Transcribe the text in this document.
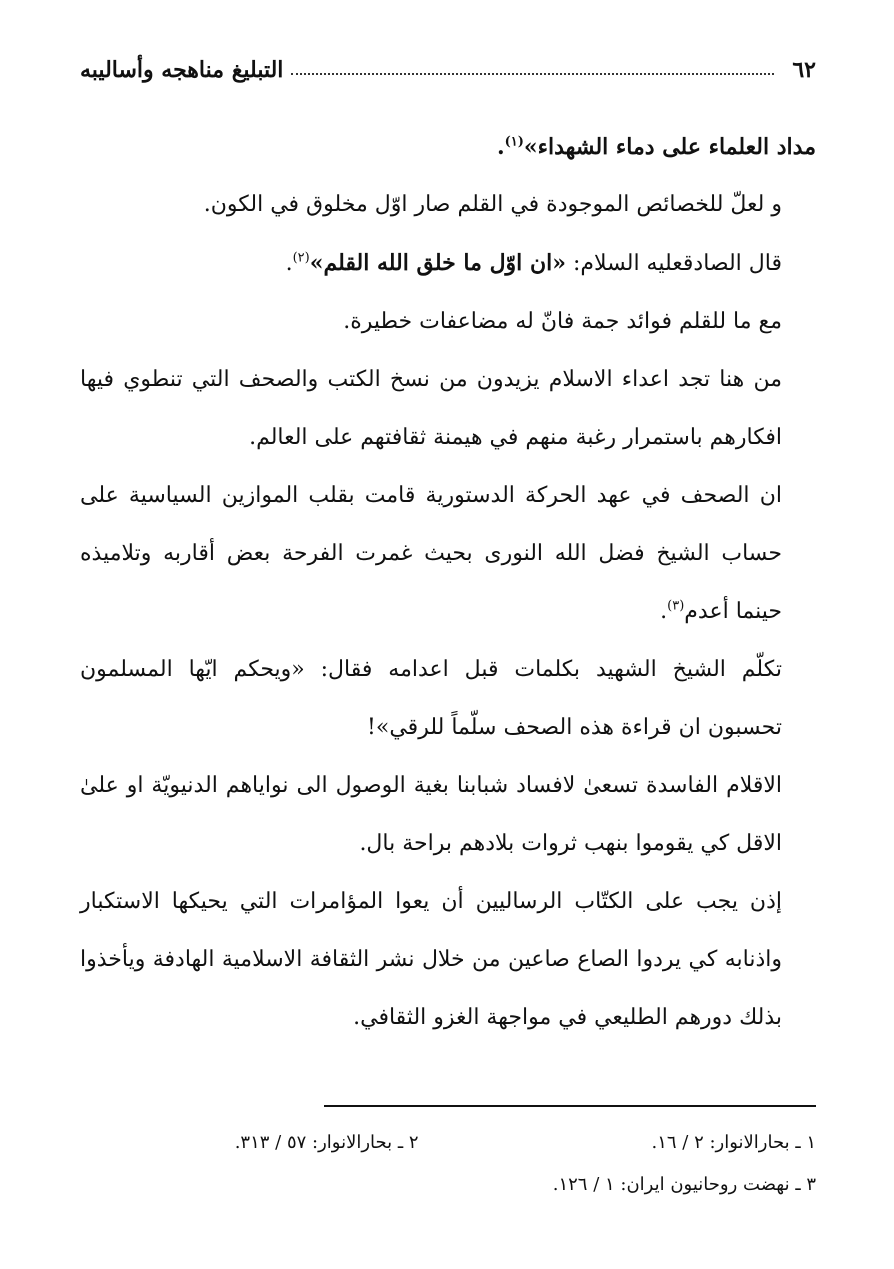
٦٢
التبليغ مناهجه وأساليبه

مداد العلماء على دماء الشهداء»$^{(١)}$.

و لعلّ للخصائص الموجودة في القلم صار اوّل مخلوق في الكون.

قال الصادقعليه السلام: «ان اوّل ما خلق الله القلم»$^{(٢)}$.

مع ما للقلم فوائد جمة فانّ له مضاعفات خطيرة.

من هنا تجد اعداء الاسلام يزيدون من نسخ الكتب والصحف التي تنطوي فيها افكارهم باستمرار رغبة منهم في هيمنة ثقافتهم على العالم.

ان الصحف في عهد الحركة الدستورية قامت بقلب الموازين السياسية على حساب الشيخ فضل الله النورى بحيث غمرت الفرحة بعض أقاربه وتلاميذه حينما أعدم$^{(٣)}$.

تكلّم الشيخ الشهيد بكلمات قبل اعدامه فقال: «ويحكم ايّها المسلمون تحسبون ان قراءة هذه الصحف سلّماً للرقي»!

الاقلام الفاسدة تسعىٰ لافساد شبابنا بغية الوصول الى نواياهم الدنيويّة او علىٰ الاقل كي يقوموا بنهب ثروات بلادهم براحة بال.

إذن يجب على الكتّاب الرساليين أن يعوا المؤامرات التي يحيكها الاستكبار واذنابه كي يردوا الصاع صاعين من خلال نشر الثقافة الاسلامية الهادفة ويأخذوا بذلك دورهم الطليعي في مواجهة الغزو الثقافي.

١ ـ بحارالانوار: ٢ / ١٦.
٢ ـ بحارالانوار: ٥٧ / ٣١٣.
٣ ـ نهضت روحانيون ايران: ١ / ١٢٦.
